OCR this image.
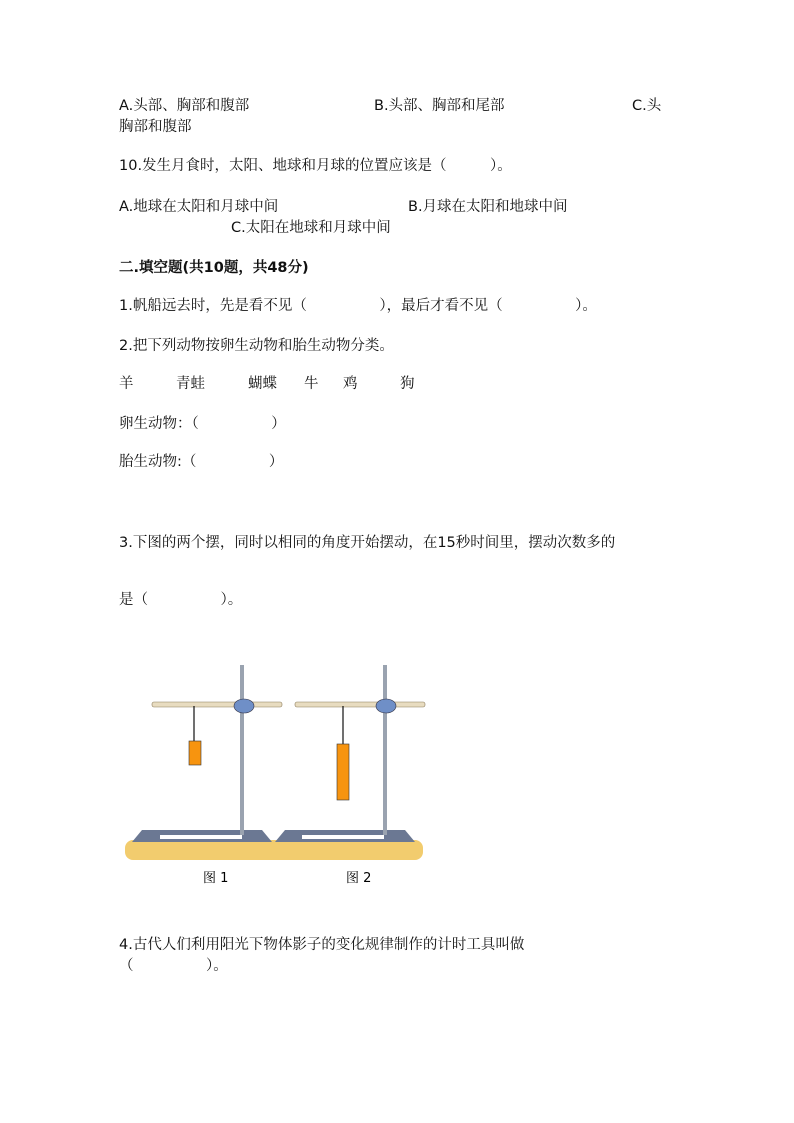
A.头部、胸部和腹部	B.头部、胸部和尾部	C.头
胸部和腹部
10.发生月食时，太阳、地球和月球的位置应该是（　　　）。
A.地球在太阳和月球中间	B.月球在太阳和地球中间
C.太阳在地球和月球中间
二.填空题(共10题，共48分)
1.帆船远去时，先是看不见（　　　　　），最后才看不见（　　　　　）。
2.把下列动物按卵生动物和胎生动物分类。
羊	青蛙	蝴蝶 牛 鸡	狗
卵生动物：（　　　　　）
胎生动物:（　　　　　）
3.下图的两个摆，同时以相同的角度开始摆动，在15秒时间里，摆动次数多的
是（　　　　　）。
图 1	图 2
4.古代人们利用阳光下物体影子的变化规律制作的计时工具叫做
（　　　　　）。
